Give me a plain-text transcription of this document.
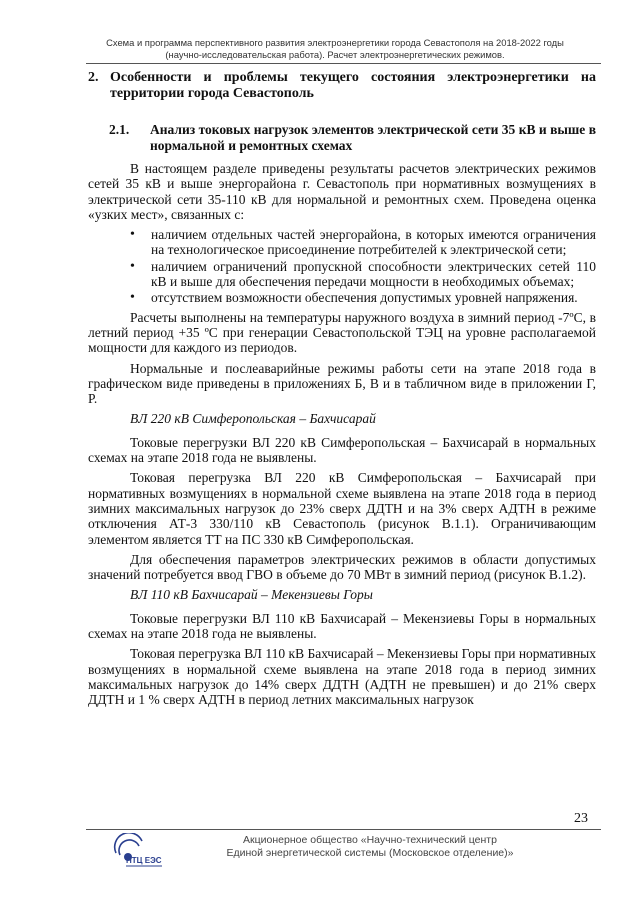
Схема и программа перспективного развития электроэнергетики города Севастополя на 2018-2022 годы
(научно-исследовательская работа). Расчет электроэнергетических режимов.
2. Особенности и проблемы текущего состояния электроэнергетики на территории города Севастополь
2.1.	Анализ токовых нагрузок элементов электрической сети 35 кВ и выше в нормальной и ремонтных схемах

В настоящем разделе приведены результаты расчетов электрических режимов сетей 35 кВ и выше энергорайона г. Севастополь при нормативных возмущениях в электрической сети 35-110 кВ для нормальной и ремонтных схем. Проведена оценка «узких мест», связанных с:

• наличием отдельных частей энергорайона, в которых имеются ограничения на технологическое присоединение потребителей к электрической сети;
• наличием ограничений пропускной способности электрических сетей 110 кВ и выше для обеспечения передачи мощности в необходимых объемах;
• отсутствием возможности обеспечения допустимых уровней напряжения.

Расчеты выполнены на температуры наружного воздуха в зимний период -7ºС, в летний период +35 ºС при генерации Севастопольской ТЭЦ на уровне располагаемой мощности для каждого из периодов.

Нормальные и послеаварийные режимы работы сети на этапе 2018 года в графическом виде приведены в приложениях Б, В и в табличном виде в приложении Г, Р.

ВЛ 220 кВ Симферопольская – Бахчисарай

Токовые перегрузки ВЛ 220 кВ Симферопольская – Бахчисарай в нормальных схемах на этапе 2018 года не выявлены.

Токовая перегрузка ВЛ 220 кВ Симферопольская – Бахчисарай при нормативных возмущениях в нормальной схеме выявлена на этапе 2018 года в период зимних максимальных нагрузок до 23% сверх ДДТН и на 3% сверх АДТН в режиме отключения АТ-3 330/110 кВ Севастополь (рисунок В.1.1). Ограничивающим элементом является ТТ на ПС 330 кВ Симферопольская.

Для обеспечения параметров электрических режимов в области допустимых значений потребуется ввод ГВО в объеме до 70 МВт в зимний период (рисунок В.1.2).

ВЛ 110 кВ Бахчисарай – Мекензиевы Горы

Токовые перегрузки ВЛ 110 кВ Бахчисарай – Мекензиевы Горы в нормальных схемах на этапе 2018 года не выявлены.

Токовая перегрузка ВЛ 110 кВ Бахчисарай – Мекензиевы Горы при нормативных возмущениях в нормальной схеме выявлена на этапе 2018 года в период зимних максимальных нагрузок до 14% сверх ДДТН (АДТН не превышен) и до 21% сверх ДДТН и 1 % сверх АДТН в период летних максимальных нагрузок

23
НТЦ ЕЭС
Акционерное общество «Научно-технический центр
Единой энергетической системы (Московское отделение)»
